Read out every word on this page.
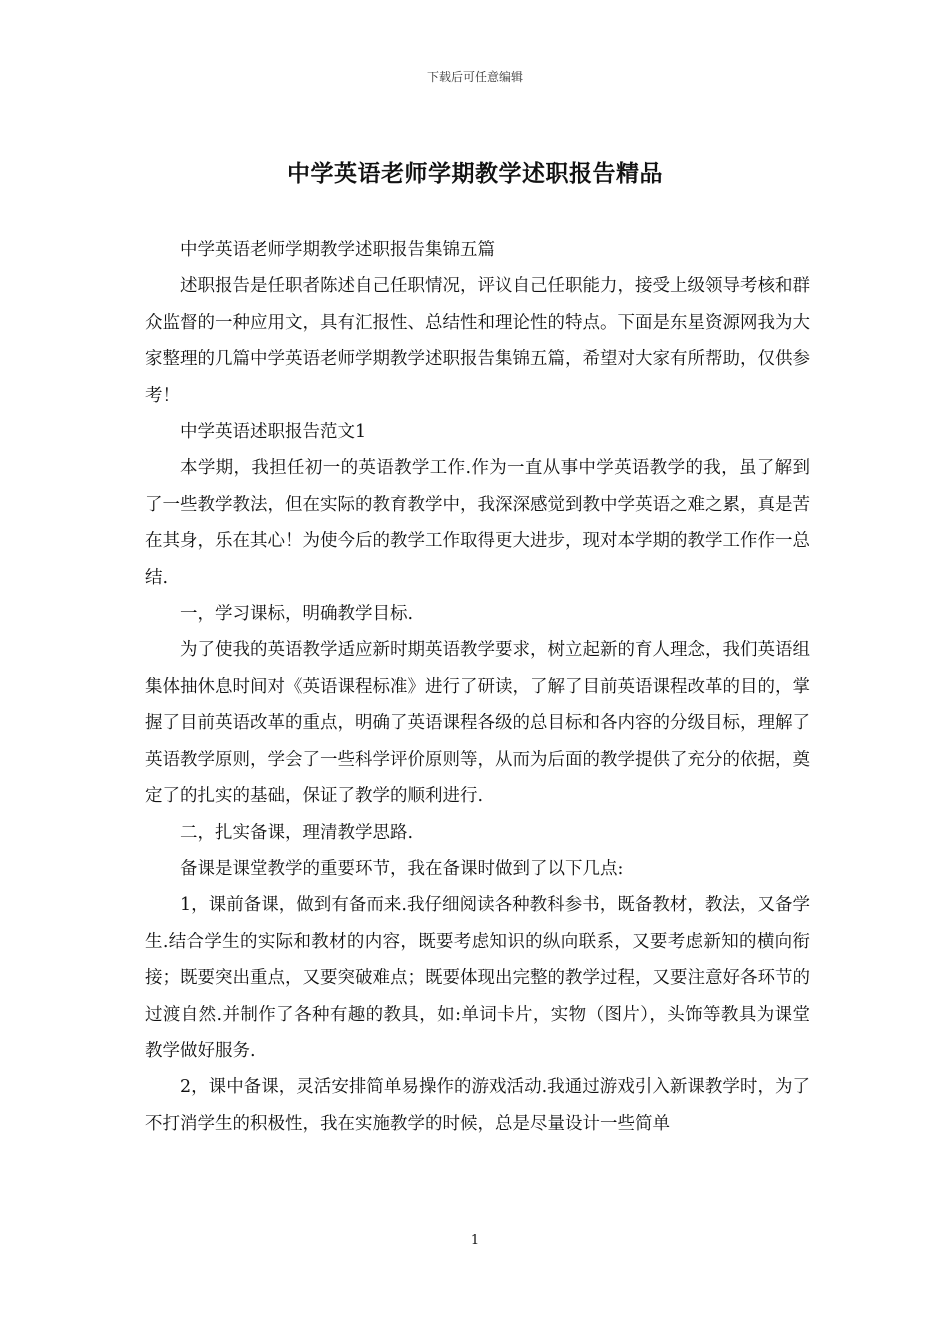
下载后可任意编辑
中学英语老师学期教学述职报告精品

中学英语老师学期教学述职报告集锦五篇

述职报告是任职者陈述自己任职情况，评议自己任职能力，接受上级领导考核和群众监督的一种应用文，具有汇报性、总结性和理论性的特点。下面是东星资源网我为大家整理的几篇中学英语老师学期教学述职报告集锦五篇，希望对大家有所帮助，仅供参考！

中学英语述职报告范文1

本学期，我担任初一的英语教学工作.作为一直从事中学英语教学的我，虽了解到了一些教学教法，但在实际的教育教学中，我深深感觉到教中学英语之难之累，真是苦在其身，乐在其心！为使今后的教学工作取得更大进步，现对本学期的教学工作作一总结.

一，学习课标，明确教学目标.

为了使我的英语教学适应新时期英语教学要求，树立起新的育人理念，我们英语组集体抽休息时间对《英语课程标准》进行了研读，了解了目前英语课程改革的目的，掌握了目前英语改革的重点，明确了英语课程各级的总目标和各内容的分级目标，理解了英语教学原则，学会了一些科学评价原则等，从而为后面的教学提供了充分的依据，奠定了的扎实的基础，保证了教学的顺利进行.

二，扎实备课，理清教学思路.

备课是课堂教学的重要环节，我在备课时做到了以下几点:

1，课前备课，做到有备而来.我仔细阅读各种教科参书，既备教材，教法，又备学生.结合学生的实际和教材的内容，既要考虑知识的纵向联系，又要考虑新知的横向衔接；既要突出重点，又要突破难点；既要体现出完整的教学过程，又要注意好各环节的过渡自然.并制作了各种有趣的教具，如:单词卡片，实物（图片），头饰等教具为课堂教学做好服务.

2，课中备课，灵活安排简单易操作的游戏活动.我通过游戏引入新课教学时，为了不打消学生的积极性，我在实施教学的时候，总是尽量设计一些简单

1
